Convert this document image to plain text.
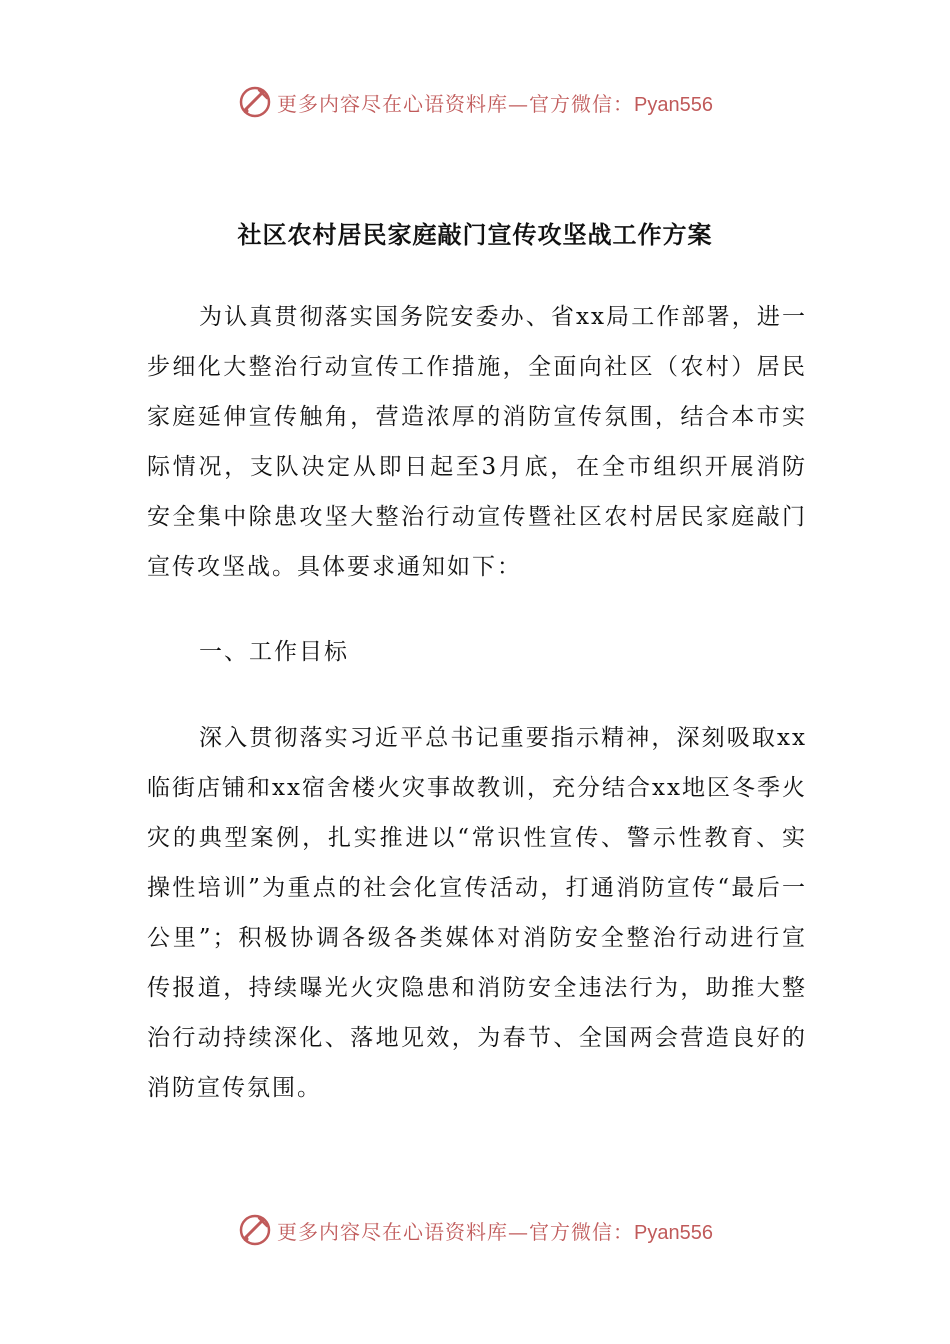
更多内容尽在心语资料库—官方微信：Pyan556
社区农村居民家庭敲门宣传攻坚战工作方案
为认真贯彻落实国务院安委办、省xx局工作部署，进一步细化大整治行动宣传工作措施，全面向社区（农村）居民家庭延伸宣传触角，营造浓厚的消防宣传氛围，结合本市实际情况，支队决定从即日起至3月底，在全市组织开展消防安全集中除患攻坚大整治行动宣传暨社区农村居民家庭敲门宣传攻坚战。具体要求通知如下：
一、工作目标
深入贯彻落实习近平总书记重要指示精神，深刻吸取xx临街店铺和xx宿舍楼火灾事故教训，充分结合xx地区冬季火灾的典型案例，扎实推进以“常识性宣传、警示性教育、实操性培训”为重点的社会化宣传活动，打通消防宣传“最后一公里”；积极协调各级各类媒体对消防安全整治行动进行宣传报道，持续曝光火灾隐患和消防安全违法行为，助推大整治行动持续深化、落地见效，为春节、全国两会营造良好的消防宣传氛围。
更多内容尽在心语资料库—官方微信：Pyan556
